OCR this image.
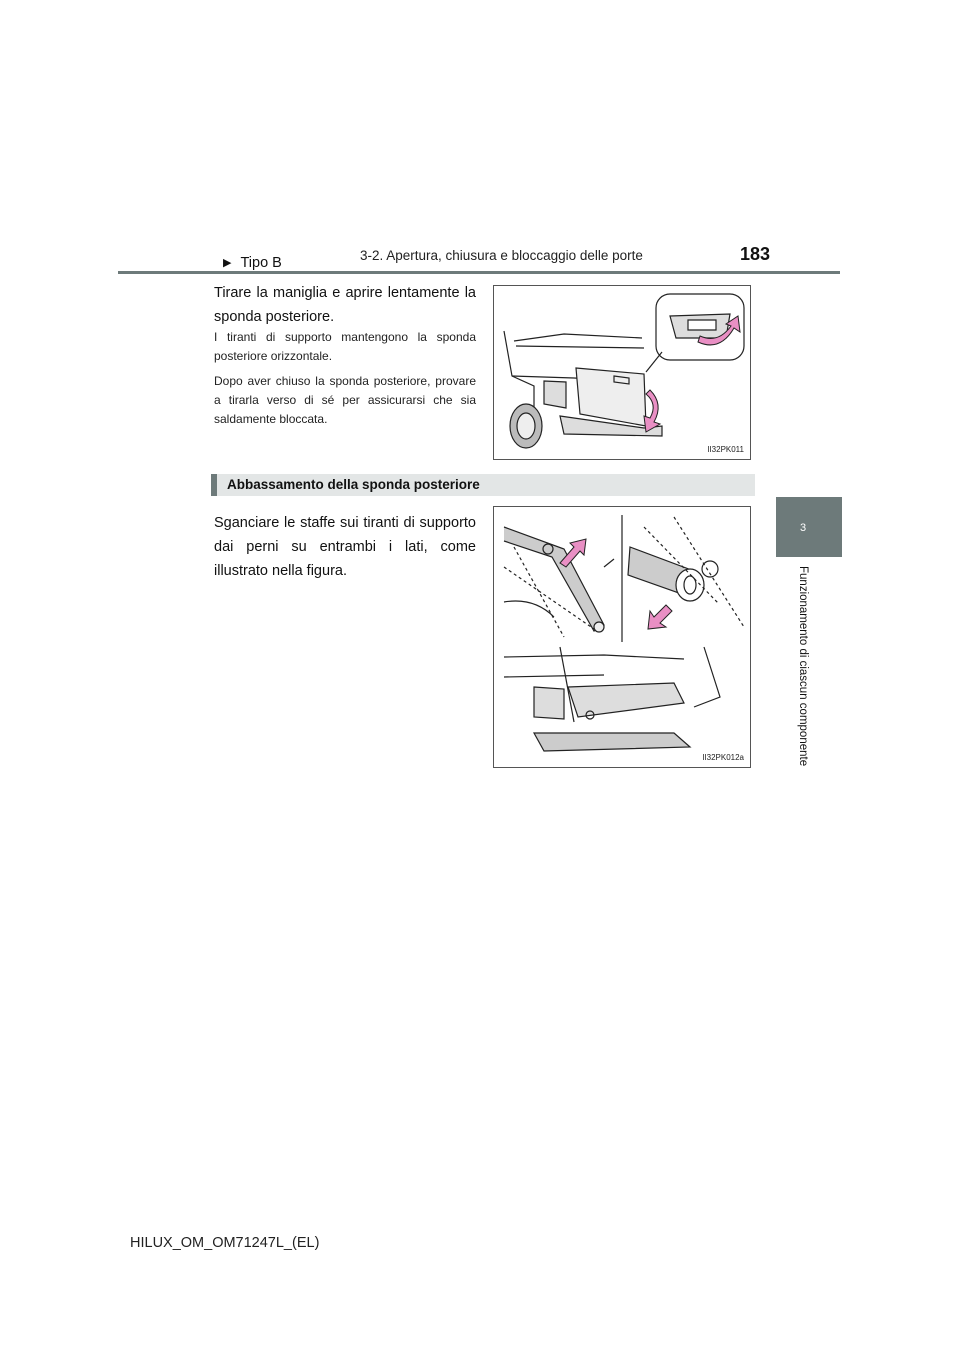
3-2. Apertura, chiusura e bloccaggio delle porte	183
3
Funzionamento di ciascun componente
▶ Tipo B
Tirare la maniglia e aprire lentamente la sponda posteriore.
I tiranti di supporto mantengono la sponda posteriore orizzontale.
Dopo aver chiuso la sponda posteriore, provare a tirarla verso di sé per assicurarsi che sia saldamente bloccata.
II32PK011
Abbassamento della sponda posteriore
Sganciare le staffe sui tiranti di supporto dai perni su entrambi i lati, come illustrato nella figura.
II32PK012a
HILUX_OM_OM71247L_(EL)
